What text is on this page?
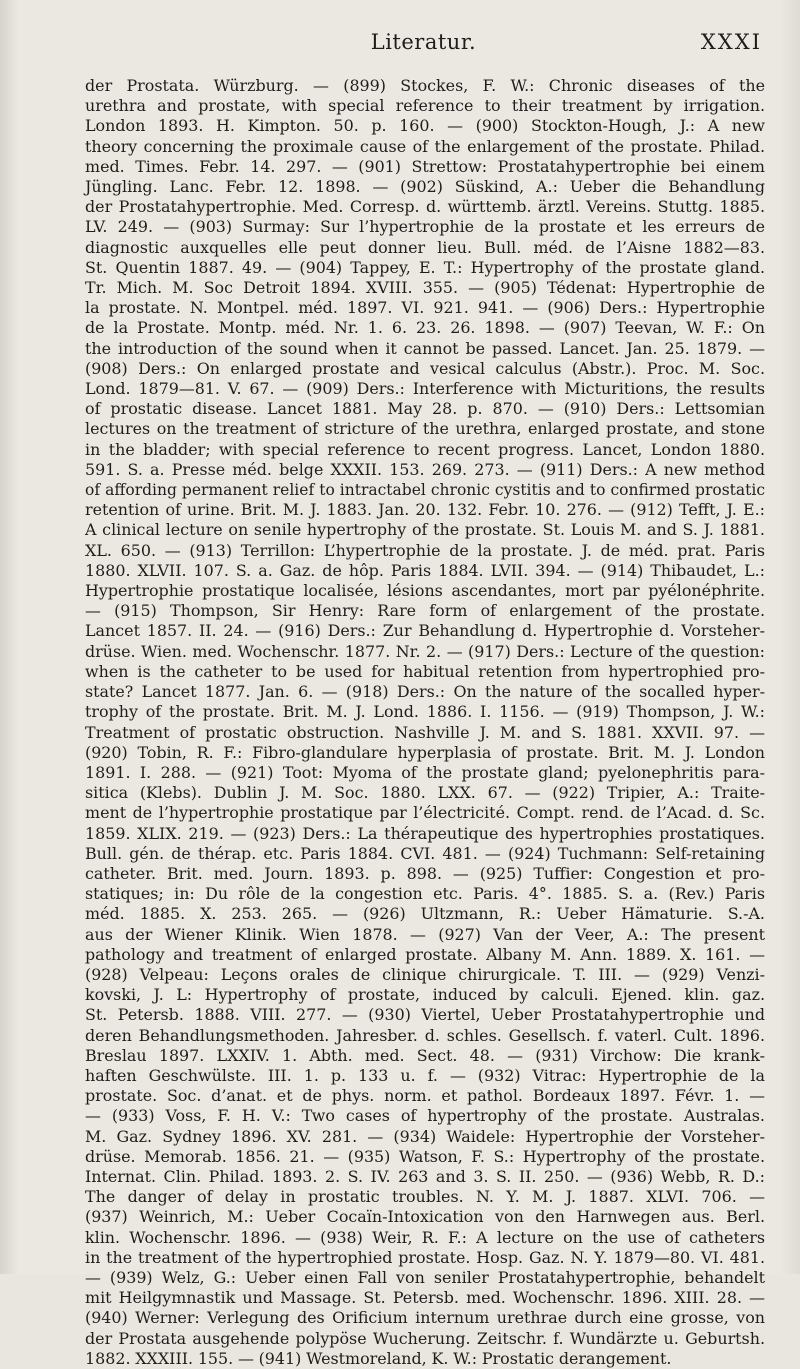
Literatur.	XXXI
der Prostata. Würzburg. — (899) Stockes, F. W.: Chronic diseases of the
urethra and prostate, with special reference to their treatment by irrigation.
London 1893. H. Kimpton. 50. p. 160. — (900) Stockton-Hough, J.: A new
theory concerning the proximale cause of the enlargement of the prostate. Philad.
med. Times. Febr. 14. 297. — (901) Strettow: Prostatahypertrophie bei einem
Jüngling. Lanc. Febr. 12. 1898. — (902) Süskind, A.: Ueber die Behandlung
der Prostatahypertrophie. Med. Corresp. d. württemb. ärztl. Vereins. Stuttg. 1885.
LV. 249. — (903) Surmay: Sur l’hypertrophie de la prostate et les erreurs de
diagnostic auxquelles elle peut donner lieu. Bull. méd. de l’Aisne 1882—83.
St. Quentin 1887. 49. — (904) Tappey, E. T.: Hypertrophy of the prostate gland.
Tr. Mich. M. Soc Detroit 1894. XVIII. 355. — (905) Tédenat: Hypertrophie de
la prostate. N. Montpel. méd. 1897. VI. 921. 941. — (906) Ders.: Hypertrophie
de la Prostate. Montp. méd. Nr. 1. 6. 23. 26. 1898. — (907) Teevan, W. F.: On
the introduction of the sound when it cannot be passed. Lancet. Jan. 25. 1879. —
(908) Ders.: On enlarged prostate and vesical calculus (Abstr.). Proc. M. Soc.
Lond. 1879—81. V. 67. — (909) Ders.: Interference with Micturitions, the results
of prostatic disease. Lancet 1881. May 28. p. 870. — (910) Ders.: Lettsomian
lectures on the treatment of stricture of the urethra, enlarged prostate, and stone
in the bladder; with special reference to recent progress. Lancet, London 1880.
591. S. a. Presse méd. belge XXXII. 153. 269. 273. — (911) Ders.: A new method
of affording permanent relief to intractabel chronic cystitis and to confirmed prostatic
retention of urine. Brit. M. J. 1883. Jan. 20. 132. Febr. 10. 276. — (912) Tefft, J. E.:
A clinical lecture on senile hypertrophy of the prostate. St. Louis M. and S. J. 1881.
XL. 650. — (913) Terrillon: L’hypertrophie de la prostate. J. de méd. prat. Paris
1880. XLVII. 107. S. a. Gaz. de hôp. Paris 1884. LVII. 394. — (914) Thibaudet, L.:
Hypertrophie prostatique localisée, lésions ascendantes, mort par pyélonéphrite.
— (915) Thompson, Sir Henry: Rare form of enlargement of the prostate.
Lancet 1857. II. 24. — (916) Ders.: Zur Behandlung d. Hypertrophie d. Vorsteher-
drüse. Wien. med. Wochenschr. 1877. Nr. 2. — (917) Ders.: Lecture of the question:
when is the catheter to be used for habitual retention from hypertrophied pro-
state? Lancet 1877. Jan. 6. — (918) Ders.: On the nature of the socalled hyper-
trophy of the prostate. Brit. M. J. Lond. 1886. I. 1156. — (919) Thompson, J. W.:
Treatment of prostatic obstruction. Nashville J. M. and S. 1881. XXVII. 97. —
(920) Tobin, R. F.: Fibro-glandulare hyperplasia of prostate. Brit. M. J. London
1891. I. 288. — (921) Toot: Myoma of the prostate gland; pyelonephritis para-
sitica (Klebs). Dublin J. M. Soc. 1880. LXX. 67. — (922) Tripier, A.: Traite-
ment de l’hypertrophie prostatique par l’électricité. Compt. rend. de l’Acad. d. Sc.
1859. XLIX. 219. — (923) Ders.: La thérapeutique des hypertrophies prostatiques.
Bull. gén. de thérap. etc. Paris 1884. CVI. 481. — (924) Tuchmann: Self-retaining
catheter. Brit. med. Journ. 1893. p. 898. — (925) Tuffier: Congestion et pro-
statiques; in: Du rôle de la congestion etc. Paris. 4°. 1885. S. a. (Rev.) Paris
méd. 1885. X. 253. 265. — (926) Ultzmann, R.: Ueber Hämaturie. S.-A.
aus der Wiener Klinik. Wien 1878. — (927) Van der Veer, A.: The present
pathology and treatment of enlarged prostate. Albany M. Ann. 1889. X. 161. —
(928) Velpeau: Leçons orales de clinique chirurgicale. T. III. — (929) Venzi-
kovski, J. L: Hypertrophy of prostate, induced by calculi. Ejened. klin. gaz.
St. Petersb. 1888. VIII. 277. — (930) Viertel, Ueber Prostatahypertrophie und
deren Behandlungsmethoden. Jahresber. d. schles. Gesellsch. f. vaterl. Cult. 1896.
Breslau 1897. LXXIV. 1. Abth. med. Sect. 48. — (931) Virchow: Die krank-
haften Geschwülste. III. 1. p. 133 u. f. — (932) Vitrac: Hypertrophie de la
prostate. Soc. d’anat. et de phys. norm. et pathol. Bordeaux 1897. Févr. 1. —
— (933) Voss, F. H. V.: Two cases of hypertrophy of the prostate. Australas.
M. Gaz. Sydney 1896. XV. 281. — (934) Waidele: Hypertrophie der Vorsteher-
drüse. Memorab. 1856. 21. — (935) Watson, F. S.: Hypertrophy of the prostate.
Internat. Clin. Philad. 1893. 2. S. IV. 263 and 3. S. II. 250. — (936) Webb, R. D.:
The danger of delay in prostatic troubles. N. Y. M. J. 1887. XLVI. 706. —
(937) Weinrich, M.: Ueber Cocaïn-Intoxication von den Harnwegen aus. Berl.
klin. Wochenschr. 1896. — (938) Weir, R. F.: A lecture on the use of catheters
in the treatment of the hypertrophied prostate. Hosp. Gaz. N. Y. 1879—80. VI. 481.
— (939) Welz, G.: Ueber einen Fall von seniler Prostatahypertrophie, behandelt
mit Heilgymnastik und Massage. St. Petersb. med. Wochenschr. 1896. XIII. 28. —
(940) Werner: Verlegung des Orificium internum urethrae durch eine grosse, von
der Prostata ausgehende polypöse Wucherung. Zeitschr. f. Wundärzte u. Geburtsh.
1882. XXXIII. 155. — (941) Westmoreland, K. W.: Prostatic derangement.
